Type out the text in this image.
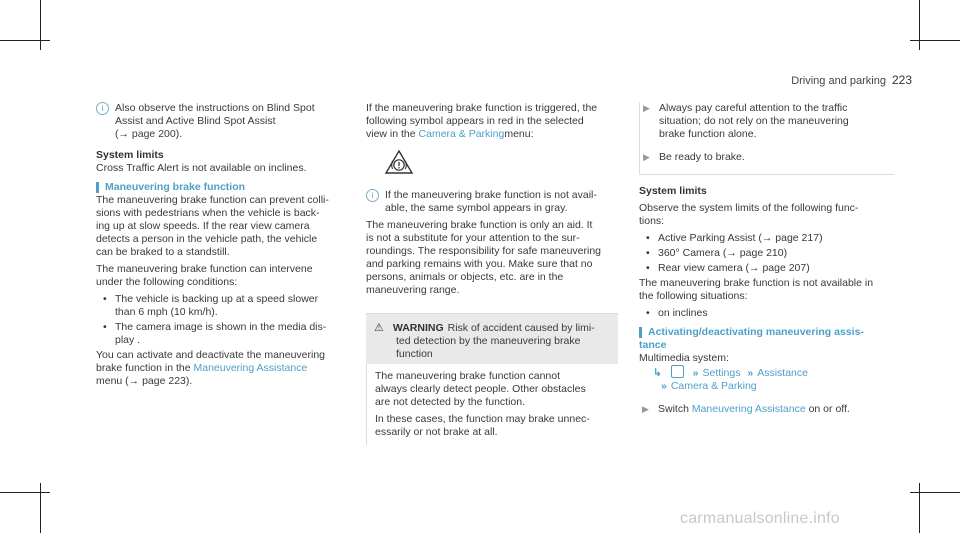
Driving and parking 223
i	Also observe the instructions on Blind Spot

Assist and Active Blind Spot Assist

(→ page 200).

System limits

Cross Traffic Alert is not available on inclines.

Maneuvering brake function

The maneuvering brake function can prevent colli-

sions with pedestrians when the vehicle is back-

ing up at slow speeds. If the rear view camera

detects a person in the vehicle path, the vehicle

can be braked to a standstill.

The maneuvering brake function can intervene

under the following conditions:

• The vehicle is backing up at a speed slower

than 6 mph (10 km/h).

• The camera image is shown in the media dis-

play .

You can activate and deactivate the maneuvering

brake function in the Maneuvering Assistance

menu (→ page 223).

If the maneuvering brake function is triggered, the

following symbol appears in red in the selected

view in the Camera & Parkingmenu:

i	If the maneuvering brake function is not avail-

able, the same symbol appears in gray.

The maneuvering brake function is only an aid. It

is not a substitute for your attention to the sur-

roundings. The responsibility for safe maneuvering

and parking remains with you. Make sure that no

persons, animals or objects, etc. are in the

maneuvering range.

⚠ WARNING Risk of accident caused by limi-

ted detection by the maneuvering brake

function

The maneuvering brake function cannot

always clearly detect people. Other obstacles

are not detected by the function.

In these cases, the function may brake unnec-

essarily or not brake at all.

▶ Always pay careful attention to the traffic

situation; do not rely on the maneuvering

brake function alone.

▶ Be ready to brake.

System limits

Observe the system limits of the following func-

tions:

• Active Parking Assist (→ page 217)
• 360° Camera (→ page 210)
• Rear view camera (→ page 207)

The maneuvering brake function is not available in

the following situations:

• on inclines

Activating/deactivating maneuvering assis-

tance

Multimedia system:

↳	» Settings » Assistance

» Camera & Parking

▶ Switch Maneuvering Assistance on or off.

carmanualsonline.info
